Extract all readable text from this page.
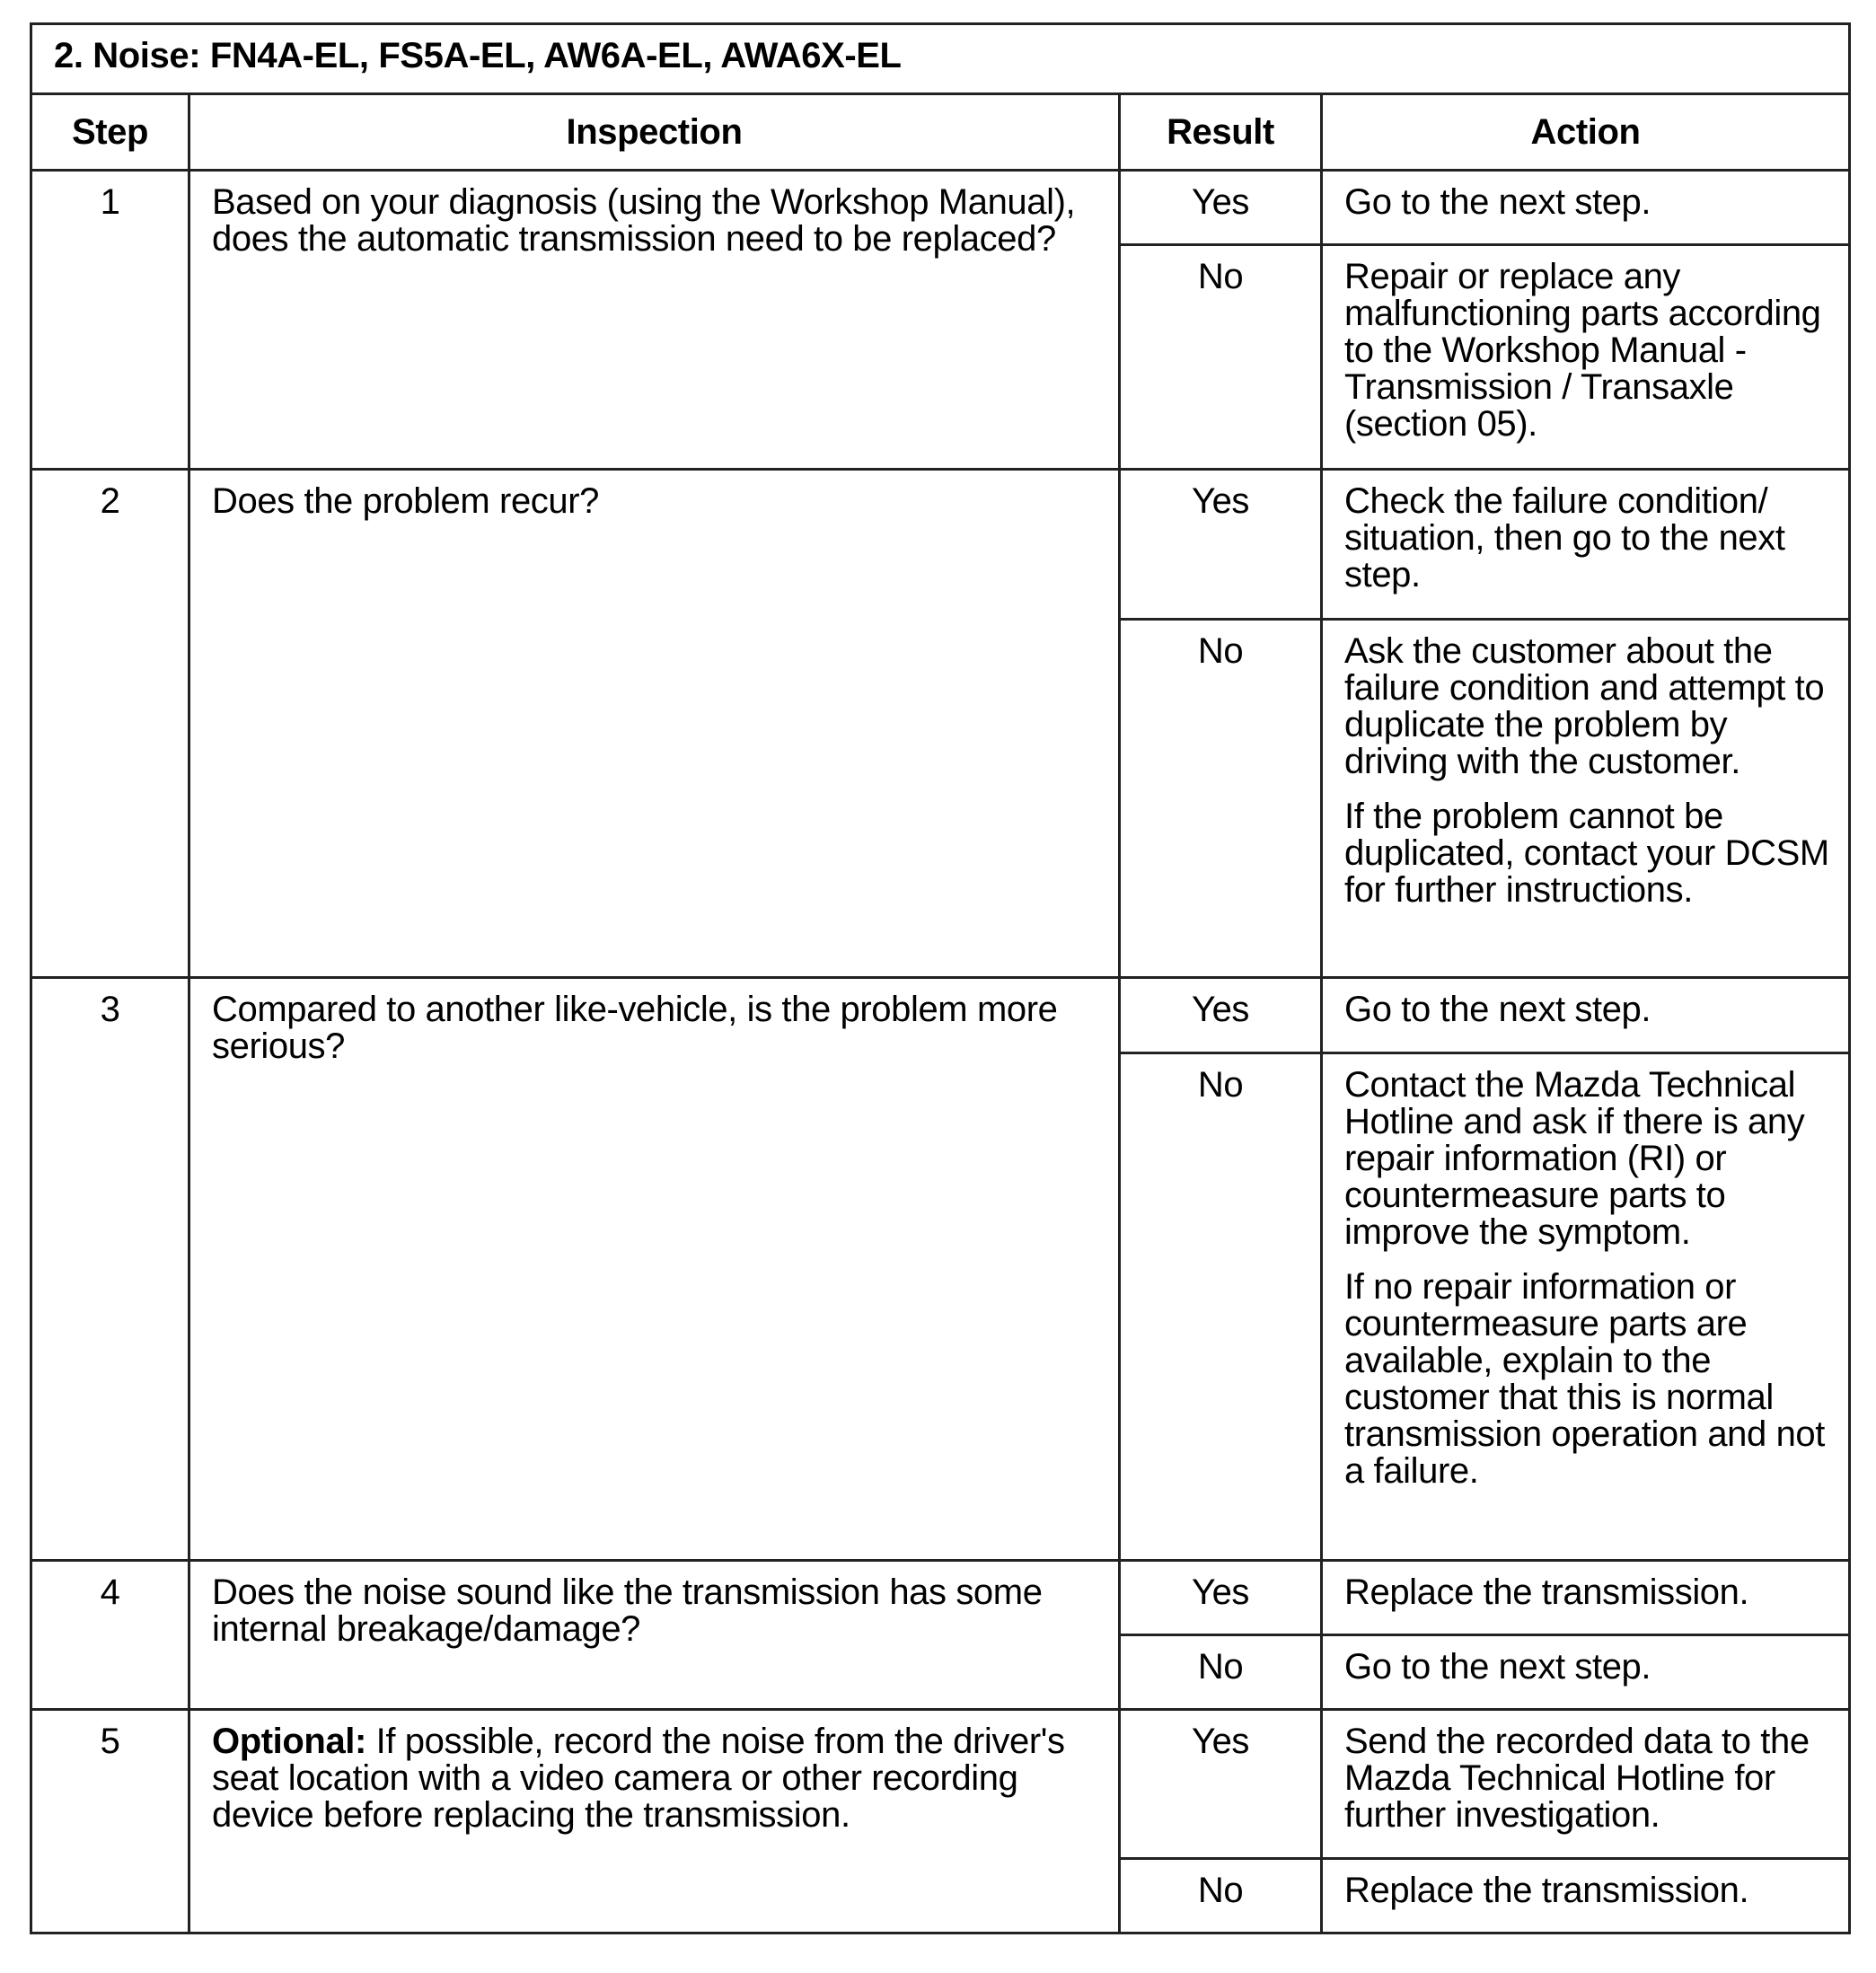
2. Noise: FN4A-EL, FS5A-EL, AW6A-EL, AWA6X-EL			
Step	Inspection	Result	Action
1	Based on your diagnosis (using the Workshop Manual), does the automatic transmission need to be replaced?	Yes	Go to the next step.

		No	Repair or replace any malfunctioning parts according to the Workshop Manual - Transmission / Transaxle (section 05).

2	Does the problem recur?	Yes	Check the failure condition/ situation, then go to the next step.

		No	Ask the customer about the failure condition and attempt to duplicate the problem by driving with the customer.

If the problem cannot be duplicated, contact your DCSM for further instructions.

3	Compared to another like-vehicle, is the problem more serious?	Yes	Go to the next step.

		No	Contact the Mazda Technical Hotline and ask if there is any repair information (RI) or countermeasure parts to improve the symptom.

If no repair information or countermeasure parts are available, explain to the customer that this is normal transmission operation and not a failure.

4	Does the noise sound like the transmission has some internal breakage/damage?	Yes	Replace the transmission.

		No	Go to the next step.

5	Optional: If possible, record the noise from the driver's seat location with a video camera or other recording device before replacing the transmission.	Yes	Send the recorded data to the Mazda Technical Hotline for further investigation.

		No	Replace the transmission.
